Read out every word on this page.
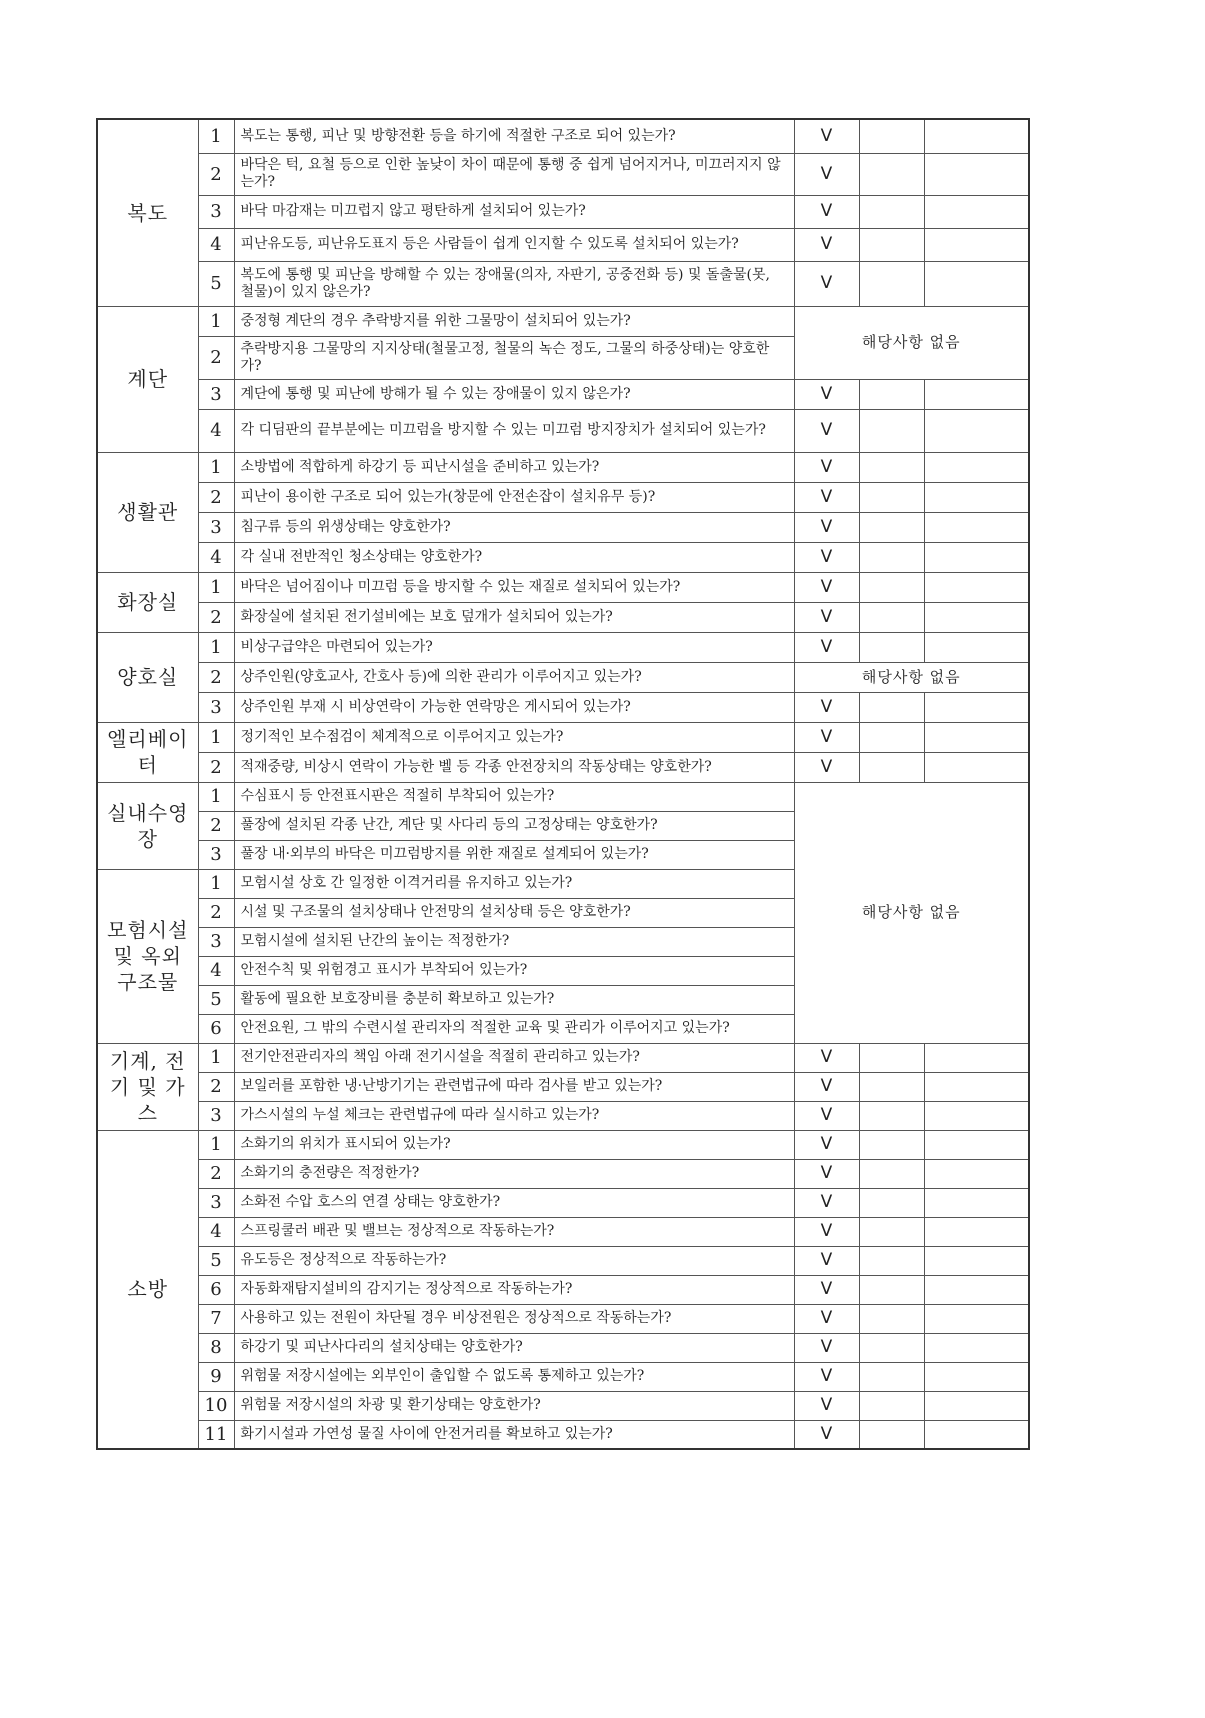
복도	1	복도는 통행, 피난 및 방향전환 등을 하기에 적절한 구조로 되어 있는가?	V		
	2	바닥은 턱, 요철 등으로 인한 높낮이 차이 때문에 통행 중 쉽게 넘어지거나, 미끄러지지 않는가?	V		
	3	바닥 마감재는 미끄럽지 않고 평탄하게 설치되어 있는가?	V		
	4	피난유도등, 피난유도표지 등은 사람들이 쉽게 인지할 수 있도록 설치되어 있는가?	V		
	5	복도에 통행 및 피난을 방해할 수 있는 장애물(의자, 자판기, 공중전화 등) 및 돌출물(못, 철물)이 있지 않은가?	V		
계단	1	중정형 계단의 경우 추락방지를 위한 그물망이 설치되어 있는가?	해당사항 없음		
	2	추락방지용 그물망의 지지상태(철물고정, 철물의 녹슨 정도, 그물의 하중상태)는 양호한가?			
	3	계단에 통행 및 피난에 방해가 될 수 있는 장애물이 있지 않은가?	V		
	4	각 디딤판의 끝부분에는 미끄럼을 방지할 수 있는 미끄럼 방지장치가 설치되어 있는가?	V		
생활관	1	소방법에 적합하게 하강기 등 피난시설을 준비하고 있는가?	V		
	2	피난이 용이한 구조로 되어 있는가(창문에 안전손잡이 설치유무 등)?	V		
	3	침구류 등의 위생상태는 양호한가?	V		
	4	각 실내 전반적인 청소상태는 양호한가?	V		
화장실	1	바닥은 넘어짐이나 미끄럼 등을 방지할 수 있는 재질로 설치되어 있는가?	V		
	2	화장실에 설치된 전기설비에는 보호 덮개가 설치되어 있는가?	V		
양호실	1	비상구급약은 마련되어 있는가?	V		
	2	상주인원(양호교사, 간호사 등)에 의한 관리가 이루어지고 있는가?	해당사항 없음		
	3	상주인원 부재 시 비상연락이 가능한 연락망은 게시되어 있는가?	V		
엘리베이터	1	정기적인 보수점검이 체계적으로 이루어지고 있는가?	V		
	2	적재중량, 비상시 연락이 가능한 벨 등 각종 안전장치의 작동상태는 양호한가?	V		
실내수영장	1	수심표시 등 안전표시판은 적절히 부착되어 있는가?	해당사항 없음		
	2	풀장에 설치된 각종 난간, 계단 및 사다리 등의 고정상태는 양호한가?			
	3	풀장 내·외부의 바닥은 미끄럼방지를 위한 재질로 설계되어 있는가?			
모험시설 및 옥외구조물	1	모험시설 상호 간 일정한 이격거리를 유지하고 있는가?			
	2	시설 및 구조물의 설치상태나 안전망의 설치상태 등은 양호한가?			
	3	모험시설에 설치된 난간의 높이는 적정한가?			
	4	안전수칙 및 위험경고 표시가 부착되어 있는가?			
	5	활동에 필요한 보호장비를 충분히 확보하고 있는가?			
	6	안전요원, 그 밖의 수련시설 관리자의 적절한 교육 및 관리가 이루어지고 있는가?			
기계, 전기 및 가스	1	전기안전관리자의 책임 아래 전기시설을 적절히 관리하고 있는가?	V		
	2	보일러를 포함한 냉·난방기기는 관련법규에 따라 검사를 받고 있는가?	V		
	3	가스시설의 누설 체크는 관련법규에 따라 실시하고 있는가?	V		
소방	1	소화기의 위치가 표시되어 있는가?	V		
	2	소화기의 충전량은 적정한가?	V		
	3	소화전 수압 호스의 연결 상태는 양호한가?	V		
	4	스프링쿨러 배관 및 밸브는 정상적으로 작동하는가?	V		
	5	유도등은 정상적으로 작동하는가?	V		
	6	자동화재탐지설비의 감지기는 정상적으로 작동하는가?	V		
	7	사용하고 있는 전원이 차단될 경우 비상전원은 정상적으로 작동하는가?	V		
	8	하강기 및 피난사다리의 설치상태는 양호한가?	V		
	9	위험물 저장시설에는 외부인이 출입할 수 없도록 통제하고 있는가?	V		
	10	위험물 저장시설의 차광 및 환기상태는 양호한가?	V		
	11	화기시설과 가연성 물질 사이에 안전거리를 확보하고 있는가?	V		
